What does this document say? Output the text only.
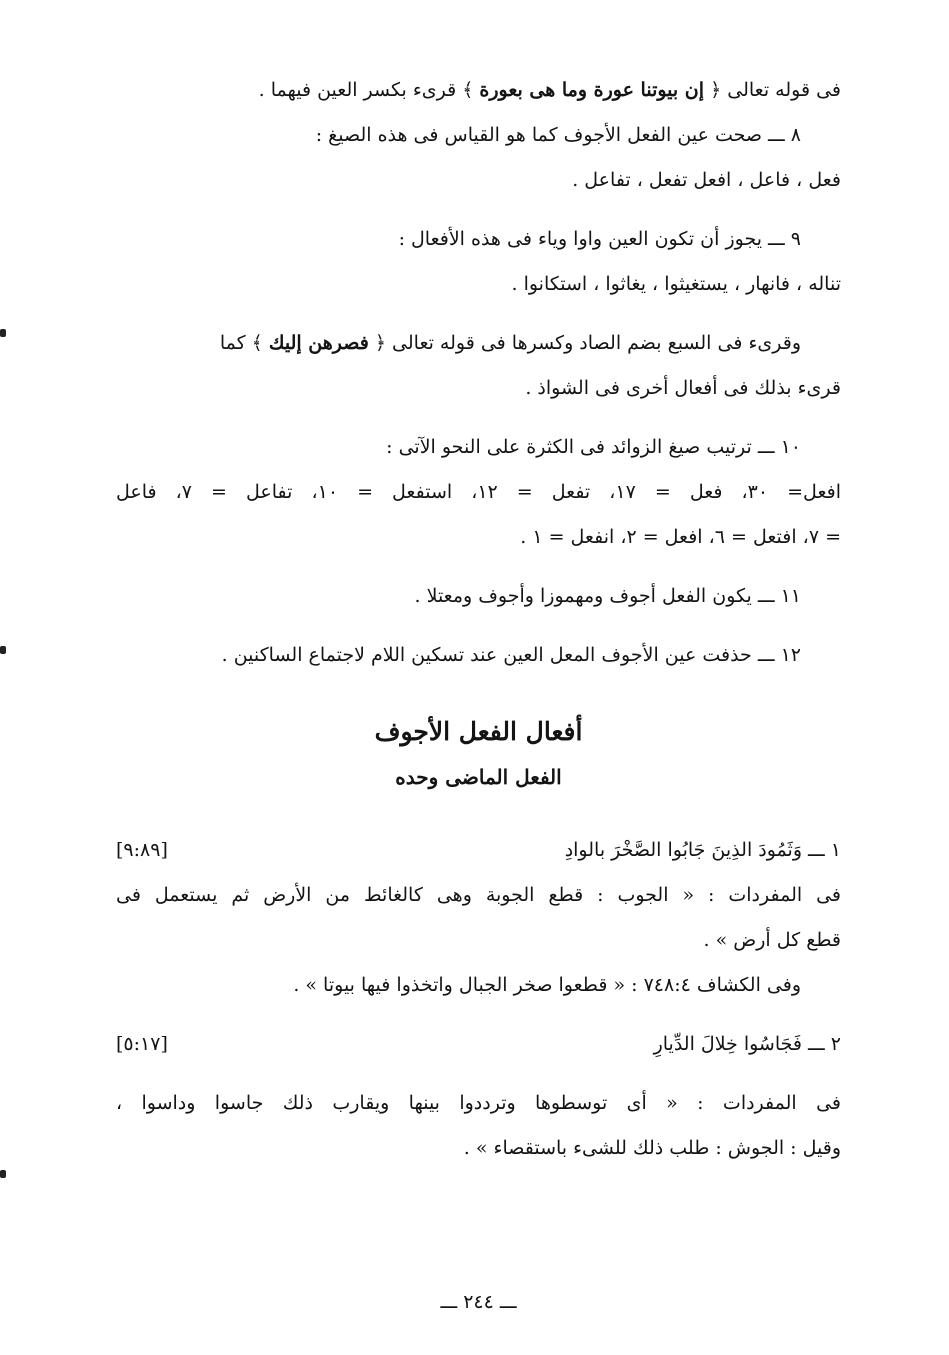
فى قوله تعالى ﴿ إن بيوتنا عورة وما هى بعورة ﴾ قرىء بكسر العين فيهما .
٨ ـــ صحت عين الفعل الأجوف كما هو القياس فى هذه الصيغ :
فعل ، فاعل ، افعل تفعل ، تفاعل .
٩ ـــ يجوز أن تكون العين واوا وياء فى هذه الأفعال :
تناله ، فانهار ، يستغيثوا ، يغاثوا ، استكانوا .
وقرىء فى السبع بضم الصاد وكسرها فى قوله تعالى ﴿ فصرهن إليك ﴾ كما
قرىء بذلك فى أفعال أخرى فى الشواذ .
١٠ ـــ ترتيب صيغ الزوائد فى الكثرة على النحو الآتى :
افعل= ٣٠، فعل = ١٧، تفعل = ١٢، استفعل = ١٠، تفاعل = ٧، فاعل
= ٧، افتعل = ٦، افعل = ٢، انفعل = ١ .
١١ ـــ يكون الفعل أجوف ومهموزا وأجوف ومعتلا .
١٢ ـــ حذفت عين الأجوف المعل العين عند تسكين اللام لاجتماع الساكنين .
أفعال الفعل الأجوف
الفعل الماضى وحده
١ ـــ وَثَمُودَ الذِينَ جَابُوا الصَّخْرَ بالوادِ
[٩:٨٩]
فى المفردات : « الجوب : قطع الجوبة وهى كالغائط من الأرض ثم يستعمل فى
قطع كل أرض » .
وفى الكشاف ٧٤٨:٤ : « قطعوا صخر الجبال واتخذوا فيها بيوتا » .
٢ ـــ فَجَاسُوا خِلالَ الدِّيارِ
[٥:١٧]
فى المفردات : « أى توسطوها وترددوا بينها ويقارب ذلك جاسوا وداسوا ،
وقيل : الجوش : طلب ذلك للشىء باستقصاء » .
ـــ ٢٤٤ ـــ
